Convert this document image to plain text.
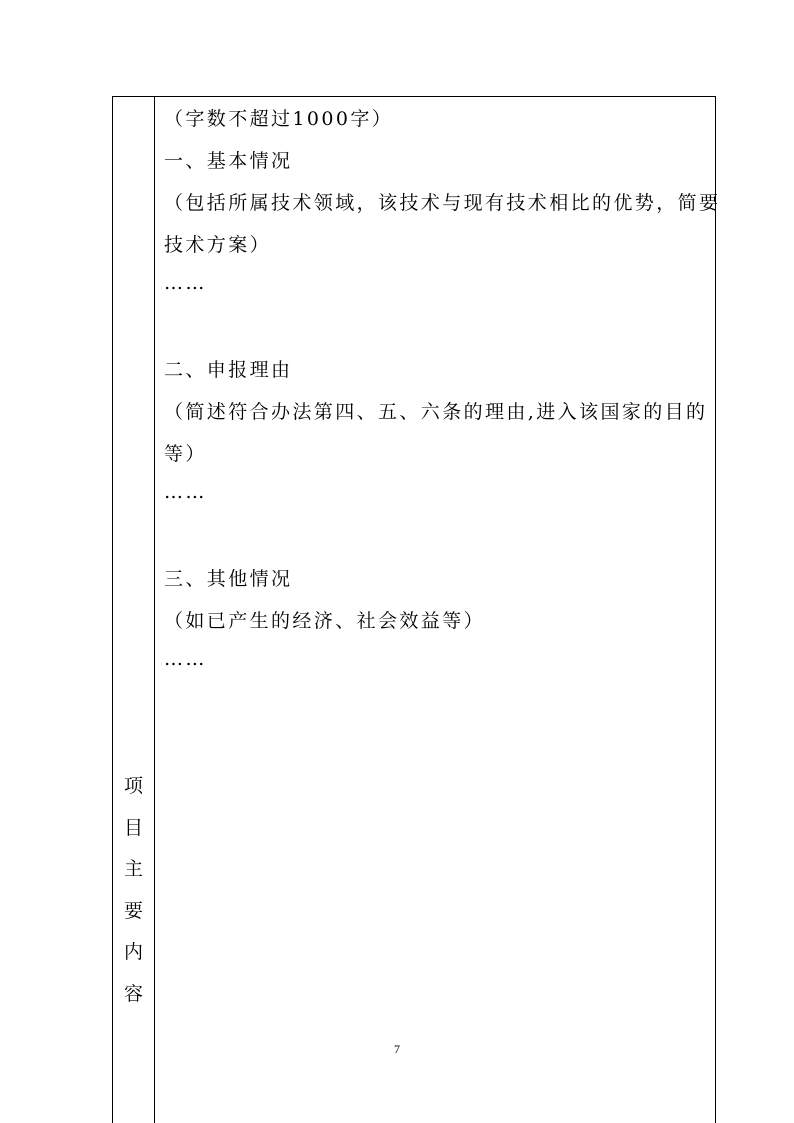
项
目
主
要
内
容
（字数不超过1000字）
一、基本情况
（包括所属技术领域，该技术与现有技术相比的优势，简要
技术方案）
……
二、申报理由
（简述符合办法第四、五、六条的理由,进入该国家的目的
等）
……
三、其他情况
（如已产生的经济、社会效益等）
……
7
